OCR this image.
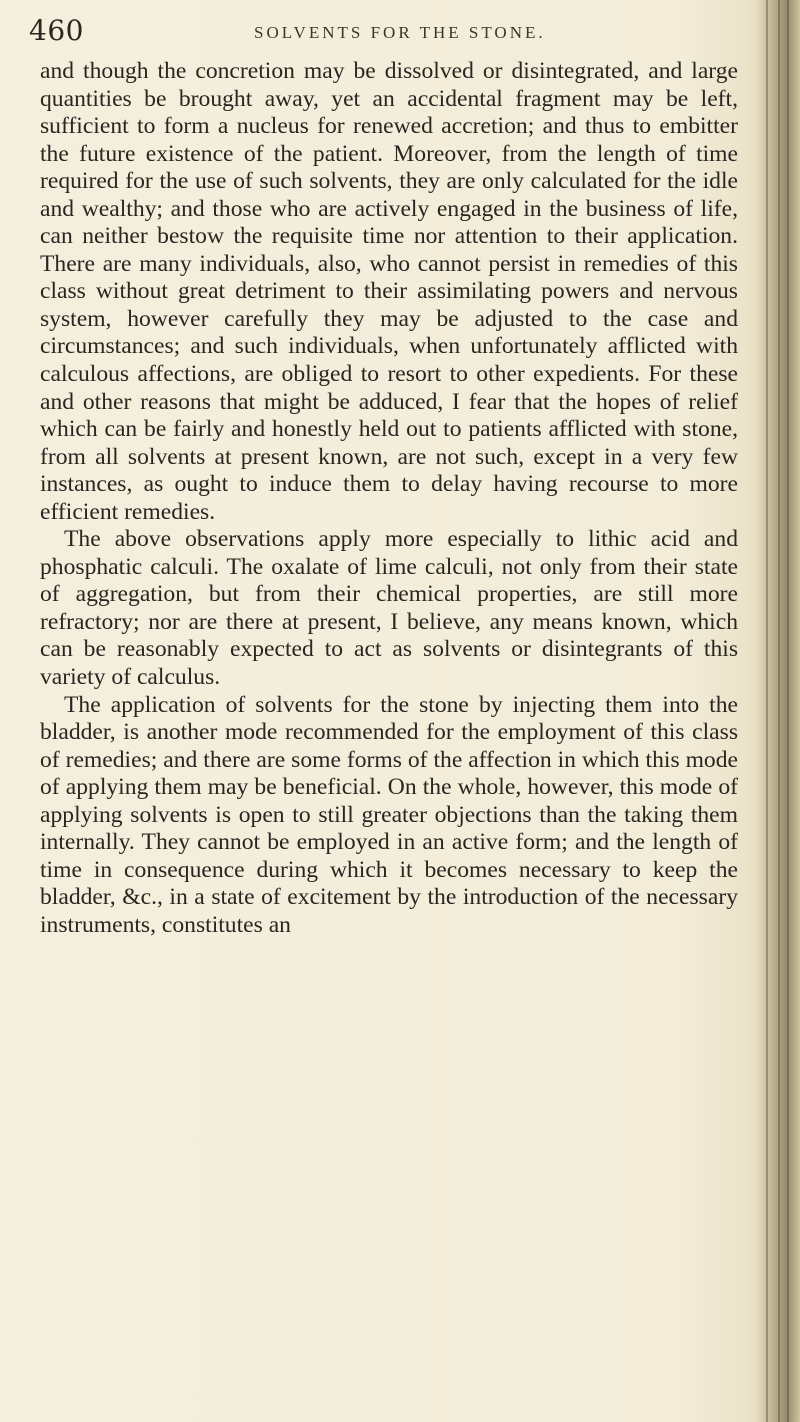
460	SOLVENTS FOR THE STONE.

and though the concretion may be dissolved or disintegrated, and large quantities be brought away, yet an accidental fragment may be left, sufficient to form a nucleus for renewed accretion; and thus to embitter the future existence of the patient. Moreover, from the length of time required for the use of such solvents, they are only calculated for the idle and wealthy; and those who are actively engaged in the business of life, can neither bestow the requisite time nor attention to their application. There are many individuals, also, who cannot persist in remedies of this class without great detriment to their assimilating powers and nervous system, however carefully they may be adjusted to the case and circumstances; and such individuals, when unfortunately afflicted with calculous affections, are obliged to resort to other expedients. For these and other reasons that might be adduced, I fear that the hopes of relief which can be fairly and honestly held out to patients afflicted with stone, from all solvents at present known, are not such, except in a very few instances, as ought to induce them to delay having recourse to more efficient remedies.

The above observations apply more especially to lithic acid and phosphatic calculi. The oxalate of lime calculi, not only from their state of aggregation, but from their chemical properties, are still more refractory; nor are there at present, I believe, any means known, which can be reasonably expected to act as solvents or disintegrants of this variety of calculus.

The application of solvents for the stone by injecting them into the bladder, is another mode recommended for the employment of this class of remedies; and there are some forms of the affection in which this mode of applying them may be beneficial. On the whole, however, this mode of applying solvents is open to still greater objections than the taking them internally. They cannot be employed in an active form; and the length of time in consequence during which it becomes necessary to keep the bladder, &c., in a state of excitement by the introduction of the necessary instruments, constitutes an
